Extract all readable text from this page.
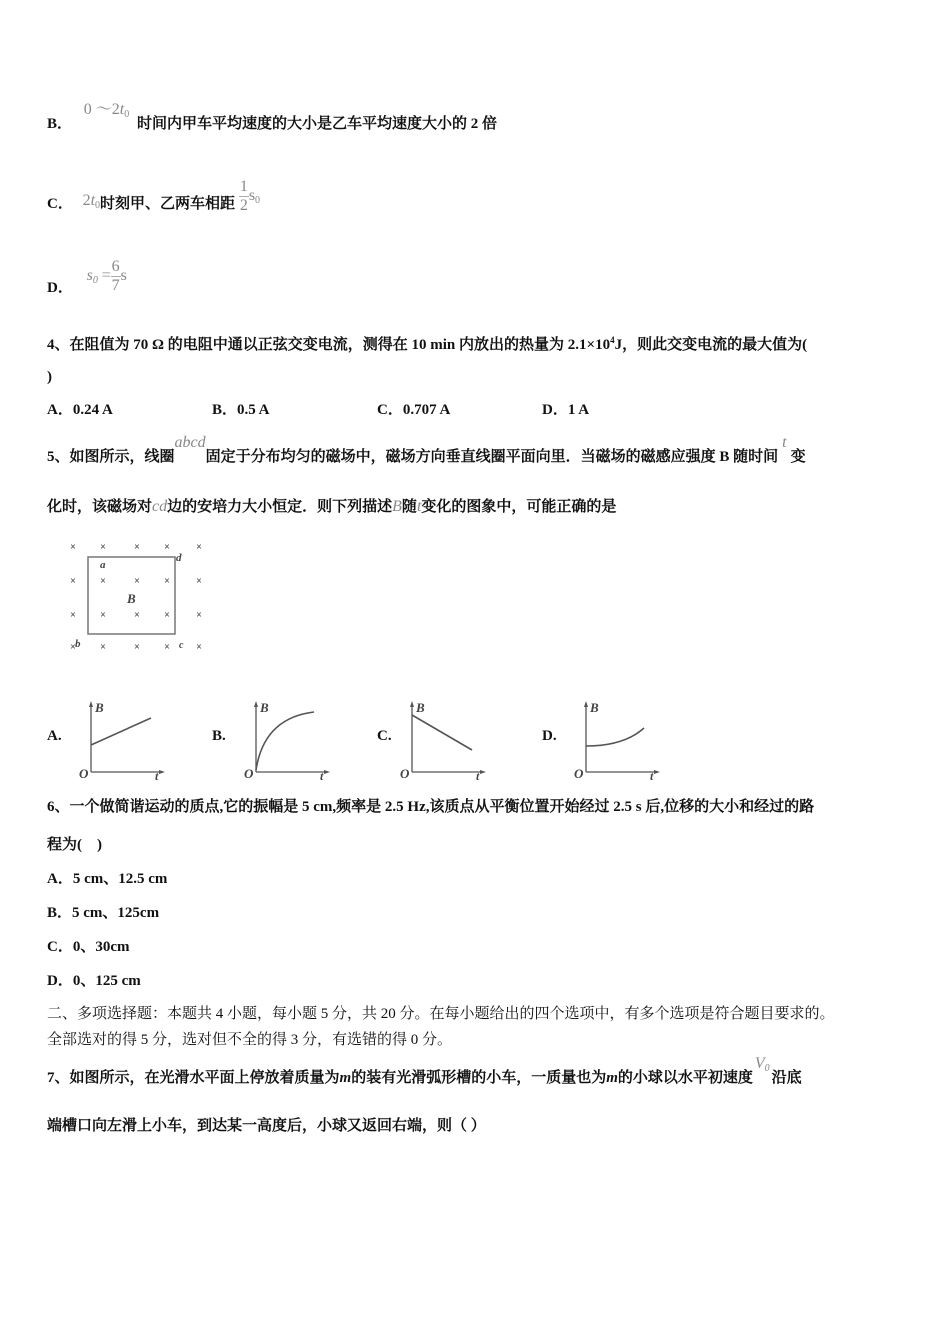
B． 0 $\sim 2t_0$ 时间内甲车平均速度的大小是乙车平均速度大小的 2 倍
C． $2t_0$时刻甲、乙两车相距 $\frac{1}{2} s_0$
D． $s_0 = \frac{6}{7}$ s
4、在阻值为 70 Ω 的电阻中通以正弦交变电流，测得在 10 min 内放出的热量为 $2.1\times 10^4J$，则此交变电流的最大值为(
)
A．0.24 A	B．0.5 A	C．0.707 A	D．1 A
5、如图所示，线圈abcd固定于分布均匀的磁场中，磁场方向垂直线圈平面向里．当磁场的磁感应强度 B 随时间t变
化时，该磁场对cd边的安培力大小恒定．则下列描述B随t变化的图象中，可能正确的是
× ×	× ×	×
× ×	× ×	×
× ×	× ×	×
× ×	× ×	×
a
d
b	c
B
A.
B
O	t
B.
B
O	t
C.
B
O	t
D.
B
O	t
6、一个做简谐运动的质点,它的振幅是 5 cm,频率是 2.5 Hz,该质点从平衡位置开始经过 2.5 s 后,位移的大小和经过的路
程为(　)
A．5 cm、12.5 cm
B．5 cm、125cm
C．0、30cm
D．0、125 cm
二、多项选择题：本题共 4 小题，每小题 5 分，共 20 分。在每小题给出的四个选项中，有多个选项是符合题目要求的。
全部选对的得 5 分，选对但不全的得 3 分，有选错的得 0 分。
7、如图所示，在光滑水平面上停放着质量为m的装有光滑弧形槽的小车，一质量也为m的小球以水平初速度$V_0$沿底
端槽口向左滑上小车，到达某一高度后，小球又返回右端，则（ ）
